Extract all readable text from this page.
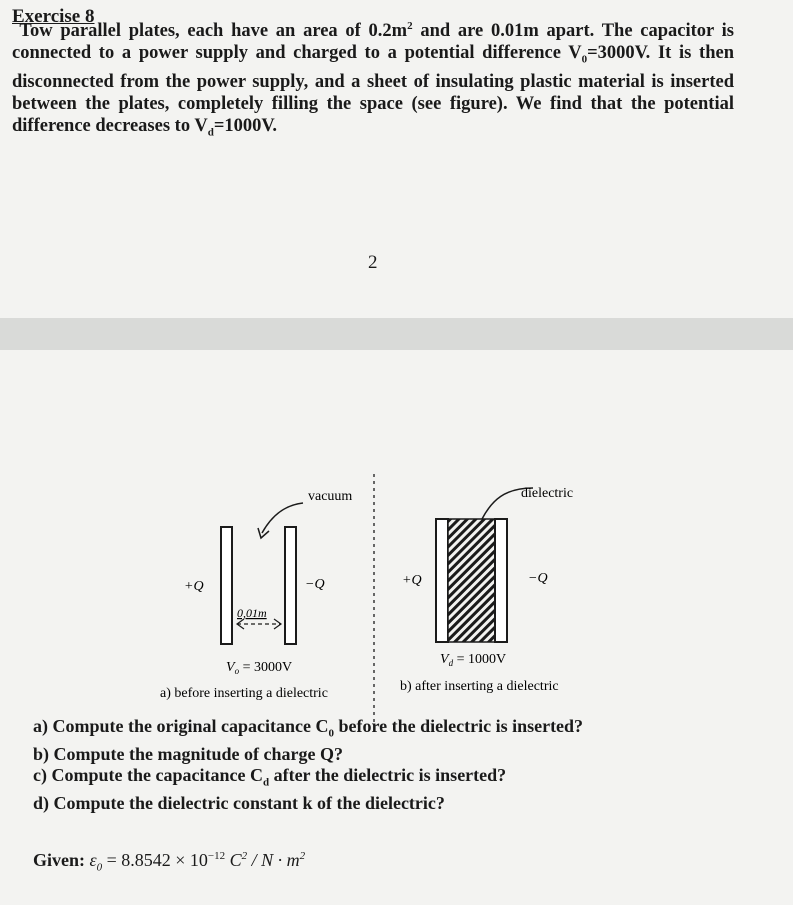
Exercise 8
Tow parallel plates, each have an area of $0.2m^2$ and are 0.01m apart. The capacitor is connected to a power supply and charged to a potential difference $V_0=3000V$. It is then disconnected from the power supply, and a sheet of insulating plastic material is inserted between the plates, completely filling the space (see figure). We find that the potential difference decreases to $V_d=1000V$.
2
vacuum
+Q	−Q
0,01m
$V_o = 3000V$
a) before inserting a dielectric
dielectric
+Q	−Q
$V_d = 1000V$
b) after inserting a dielectric
a) Compute the original capacitance $C_0$ before the dielectric is inserted?
b) Compute the magnitude of charge Q?
c) Compute the capacitance $C_d$ after the dielectric is inserted?
d) Compute the dielectric constant k of the dielectric?
Given: $\varepsilon_0 = 8.8542 \times 10^{-12}$ $C^2 / N \cdot m^2$
